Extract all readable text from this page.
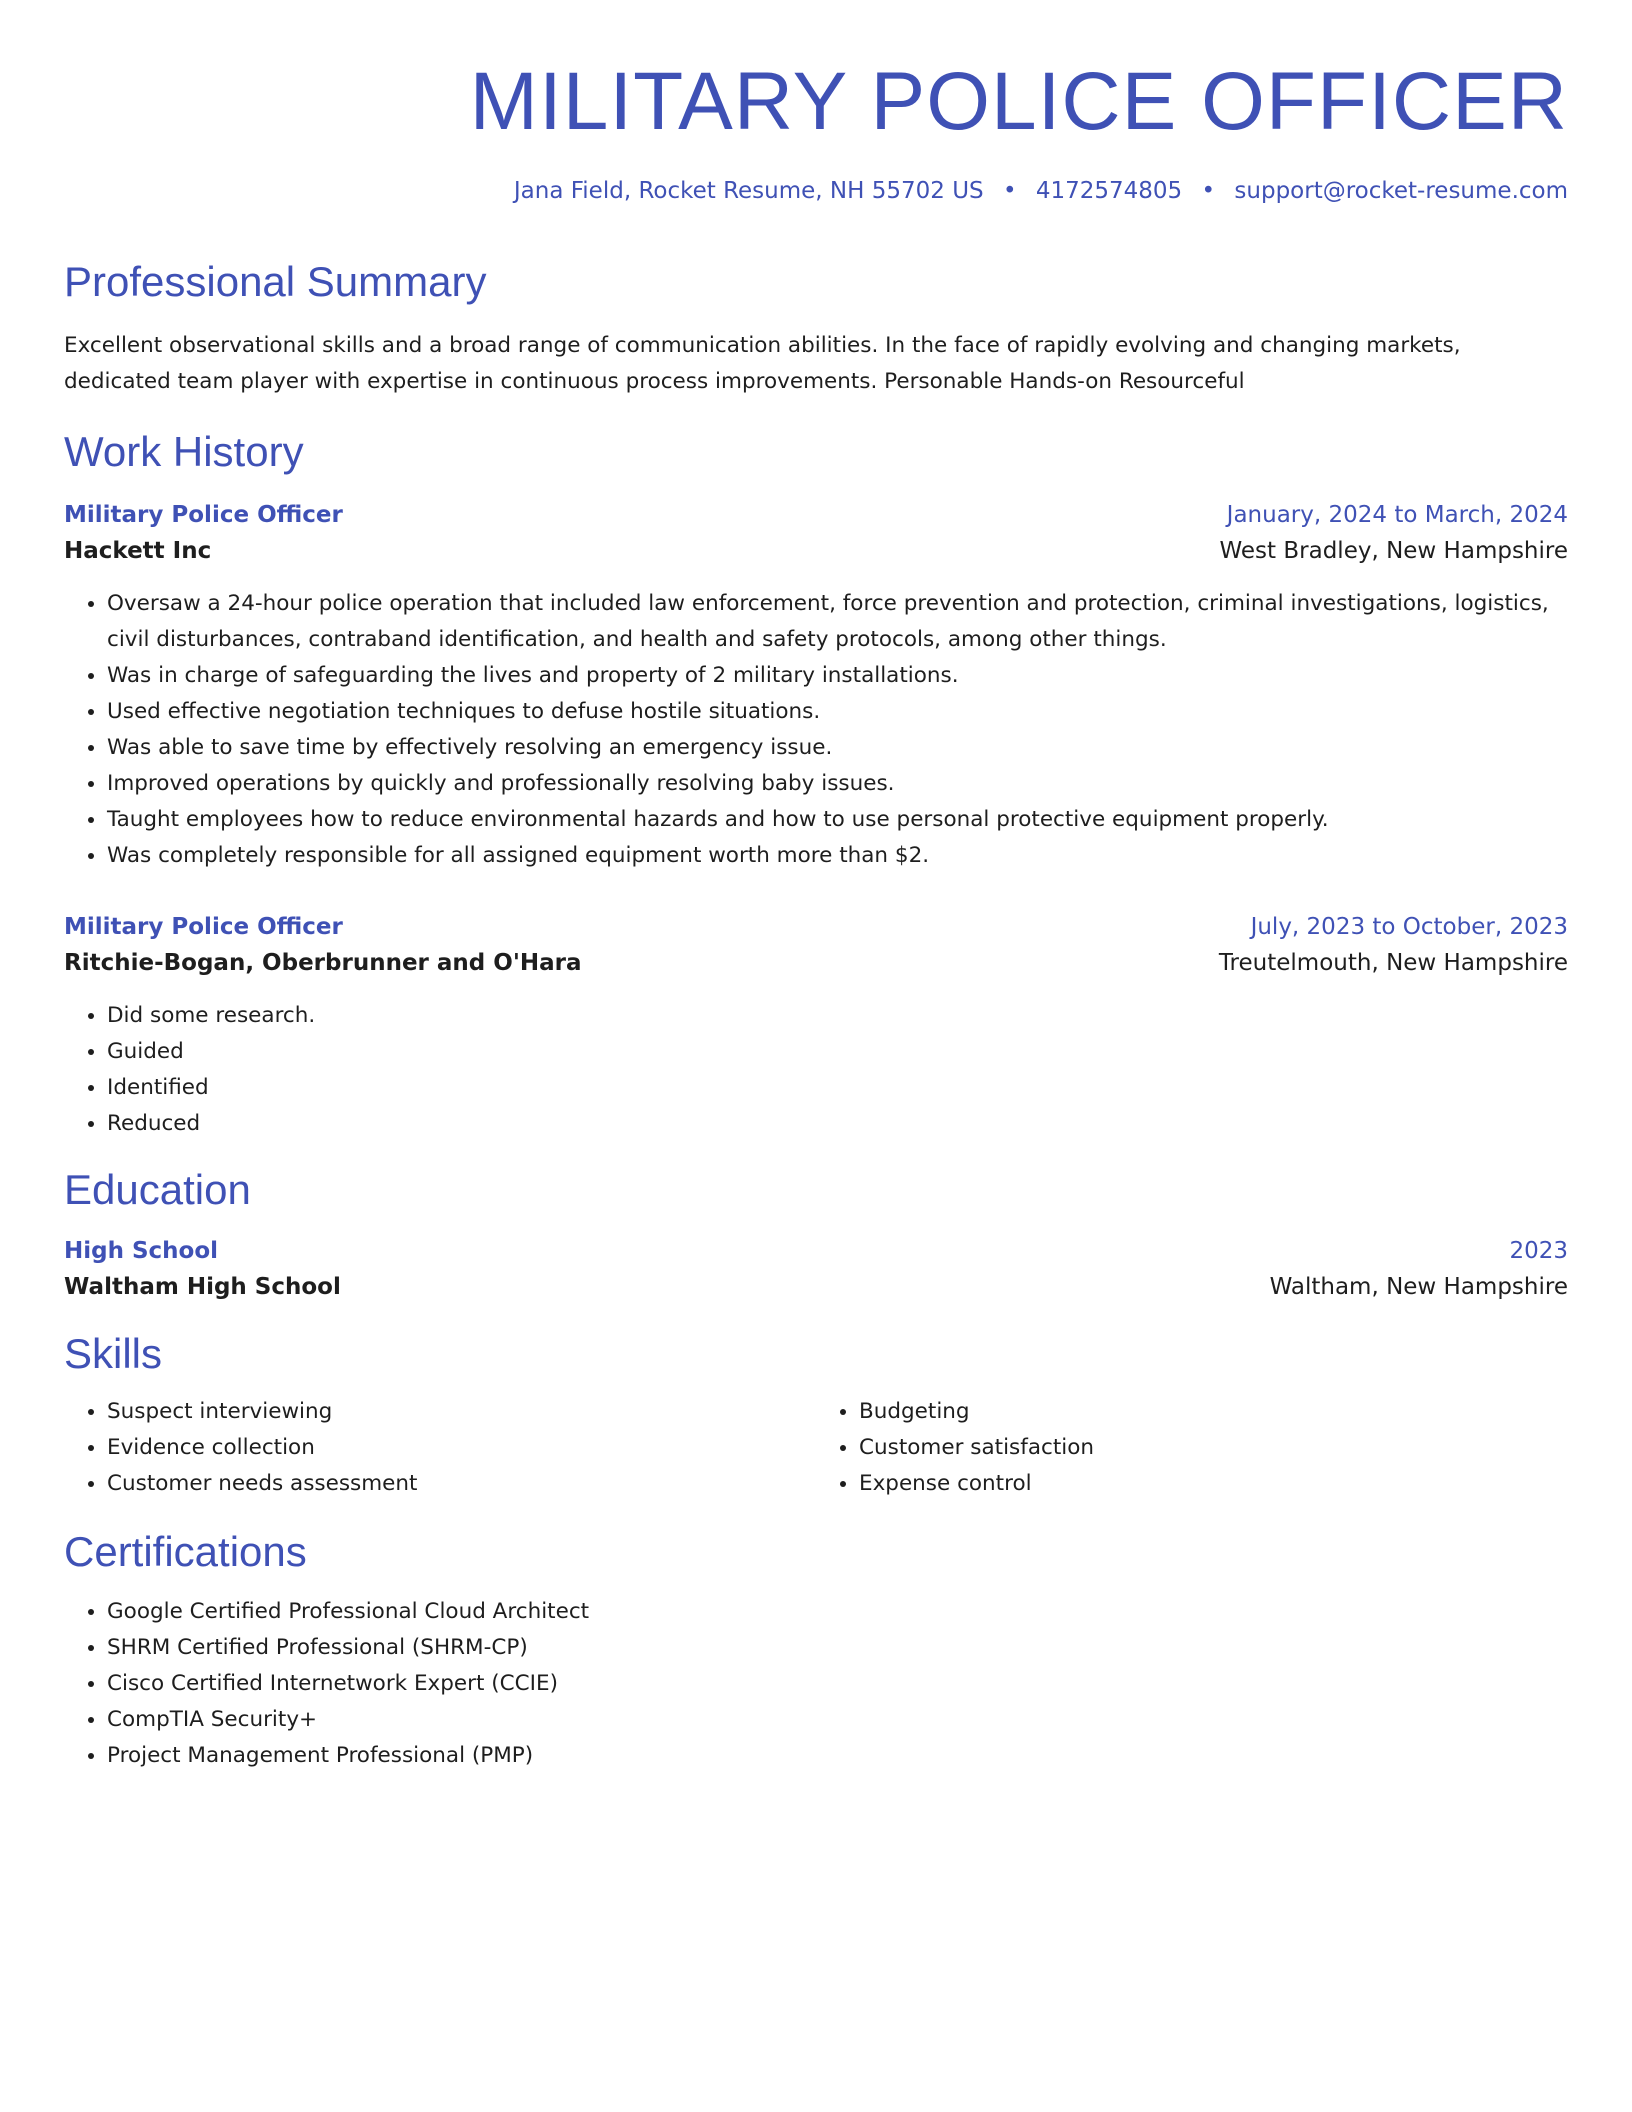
MILITARY POLICE OFFICER
Jana Field, Rocket Resume, NH 55702 US • 4172574805 • support@rocket-resume.com
Professional Summary
Excellent observational skills and a broad range of communication abilities. In the face of rapidly evolving and changing markets, dedicated team player with expertise in continuous process improvements. Personable Hands-on Resourceful
Work History
Military Police Officer	January, 2024 to March, 2024
Hackett Inc	West Bradley, New Hampshire
• Oversaw a 24-hour police operation that included law enforcement, force prevention and protection, criminal investigations, logistics, civil disturbances, contraband identification, and health and safety protocols, among other things.
• Was in charge of safeguarding the lives and property of 2 military installations.
• Used effective negotiation techniques to defuse hostile situations.
• Was able to save time by effectively resolving an emergency issue.
• Improved operations by quickly and professionally resolving baby issues.
• Taught employees how to reduce environmental hazards and how to use personal protective equipment properly.
• Was completely responsible for all assigned equipment worth more than $2.
Military Police Officer	July, 2023 to October, 2023
Ritchie-Bogan, Oberbrunner and O'Hara	Treutelmouth, New Hampshire
• Did some research.
• Guided
• Identified
• Reduced
Education
High School	2023
Waltham High School	Waltham, New Hampshire
Skills
• Suspect interviewing
• Evidence collection
• Customer needs assessment
• Budgeting
• Customer satisfaction
• Expense control
Certifications
• Google Certified Professional Cloud Architect
• SHRM Certified Professional (SHRM-CP)
• Cisco Certified Internetwork Expert (CCIE)
• CompTIA Security+
• Project Management Professional (PMP)
